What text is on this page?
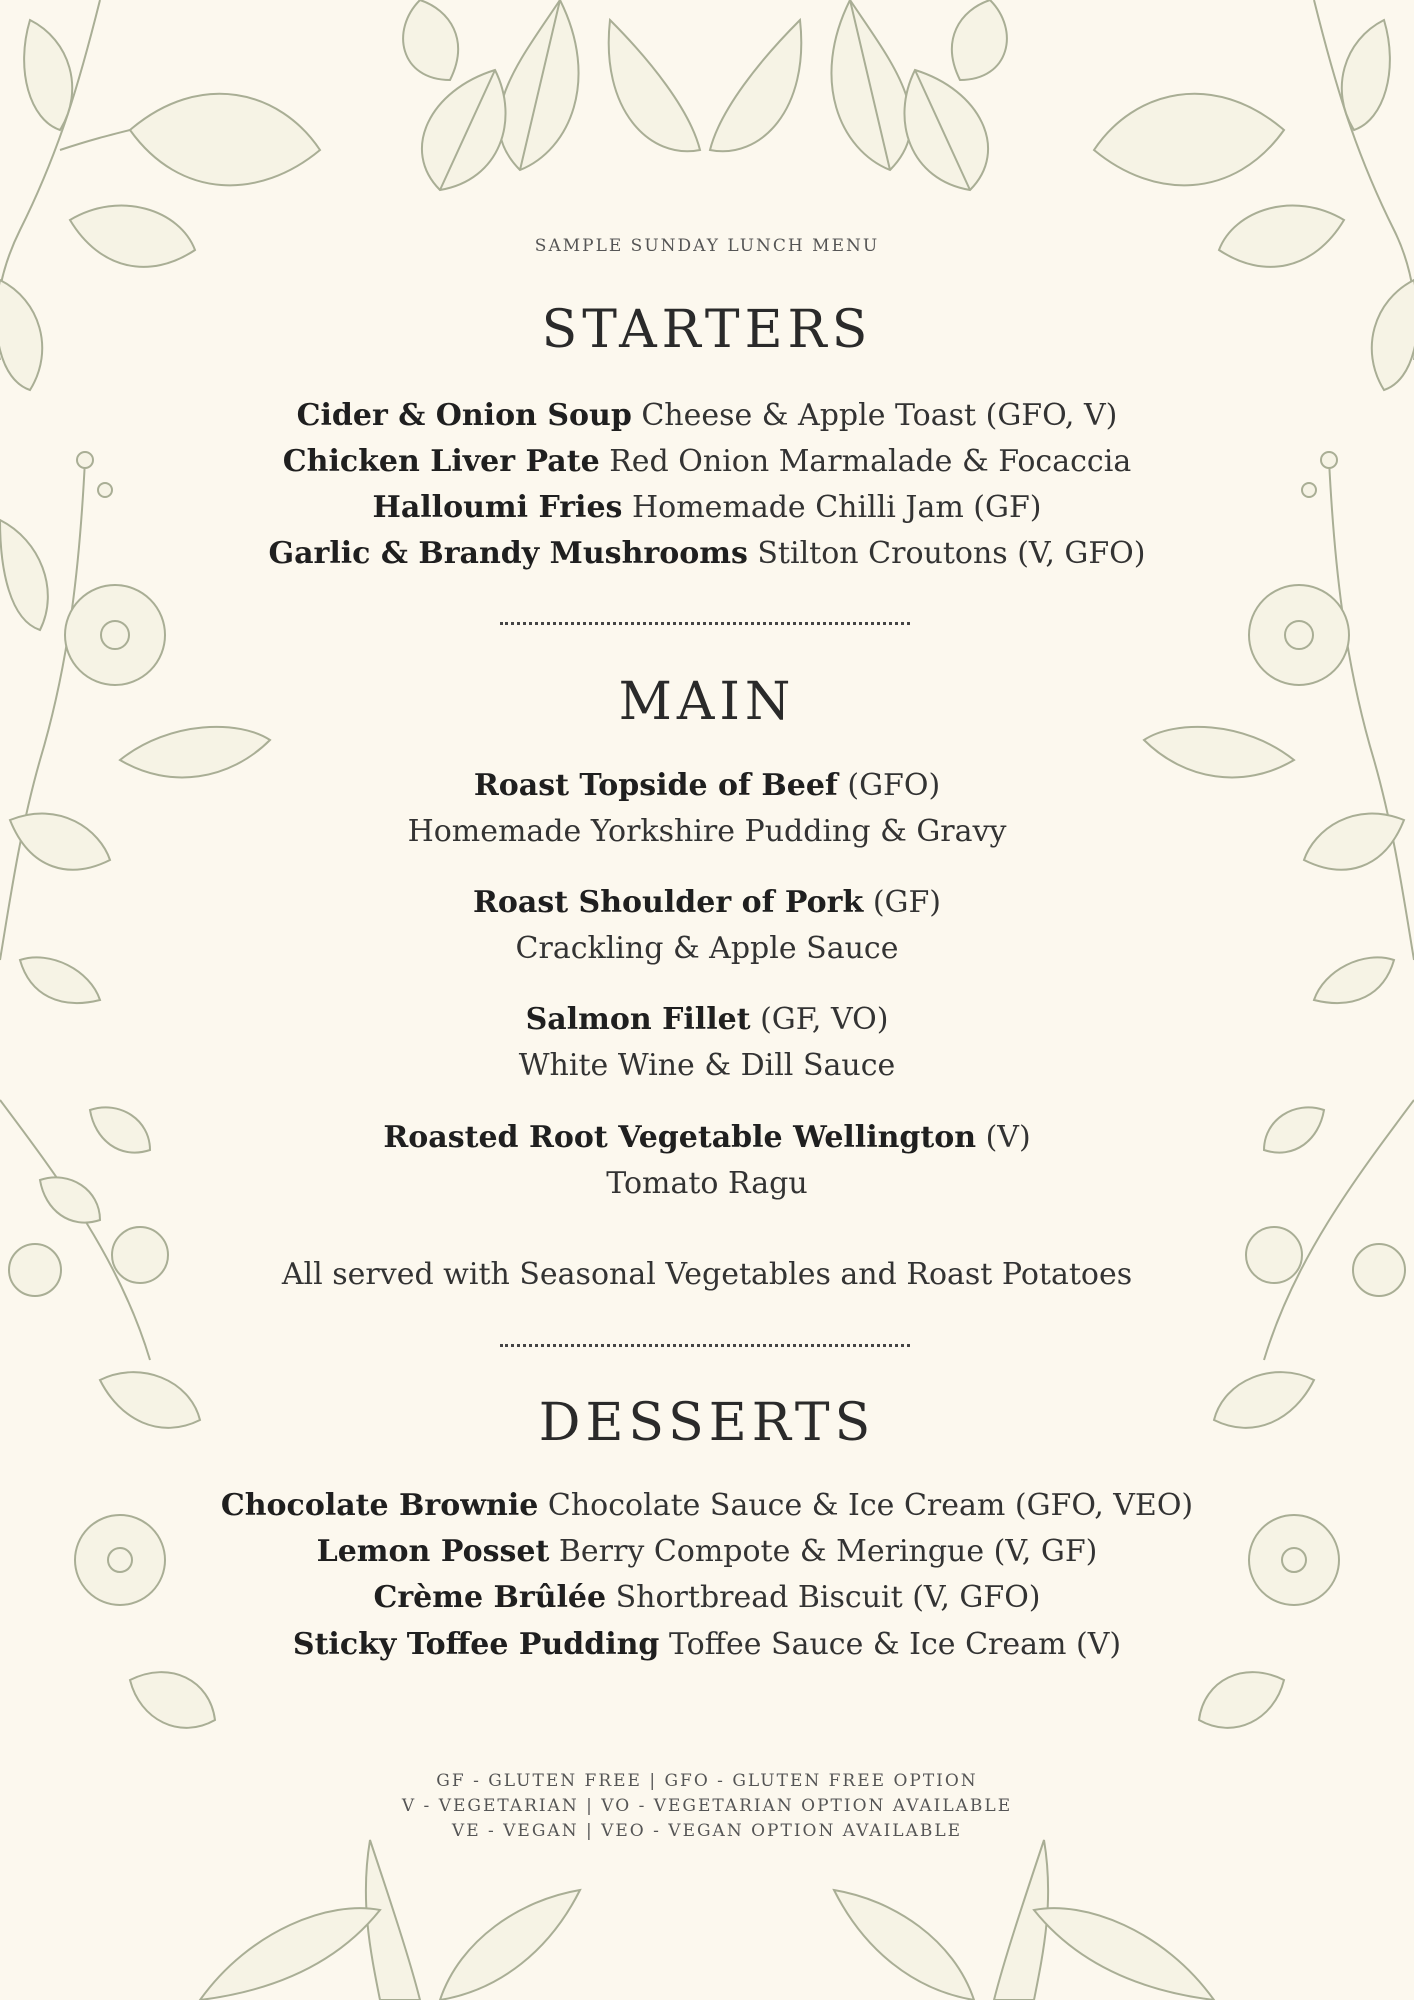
SAMPLE SUNDAY LUNCH MENU
STARTERS
Cider & Onion Soup Cheese & Apple Toast (GFO, V)
Chicken Liver Pate Red Onion Marmalade & Focaccia
Halloumi Fries Homemade Chilli Jam (GF)
Garlic & Brandy Mushrooms Stilton Croutons (V, GFO)
MAIN
Roast Topside of Beef (GFO)
Homemade Yorkshire Pudding & Gravy
Roast Shoulder of Pork (GF)
Crackling & Apple Sauce
Salmon Fillet (GF, VO)
White Wine & Dill Sauce
Roasted Root Vegetable Wellington (V)
Tomato Ragu
All served with Seasonal Vegetables and Roast Potatoes
DESSERTS
Chocolate Brownie Chocolate Sauce & Ice Cream (GFO, VEO)
Lemon Posset Berry Compote & Meringue (V, GF)
Crème Brûlée Shortbread Biscuit (V, GFO)
Sticky Toffee Pudding Toffee Sauce & Ice Cream (V)
GF - GLUTEN FREE | GFO - GLUTEN FREE OPTION
V - VEGETARIAN | VO - VEGETARIAN OPTION AVAILABLE
VE - VEGAN | VEO - VEGAN OPTION AVAILABLE
